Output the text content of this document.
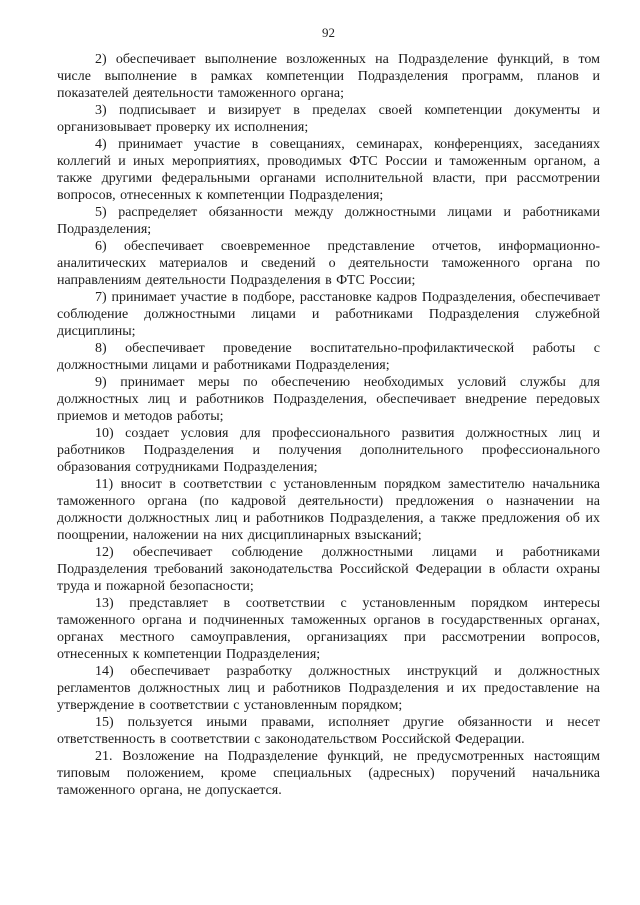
92

2) обеспечивает выполнение возложенных на Подразделение функций, в том числе выполнение в рамках компетенции Подразделения программ, планов и показателей деятельности таможенного органа;

3) подписывает и визирует в пределах своей компетенции документы и организовывает проверку их исполнения;

4) принимает участие в совещаниях, семинарах, конференциях, заседаниях коллегий и иных мероприятиях, проводимых ФТС России и таможенным органом, а также другими федеральными органами исполнительной власти, при рассмотрении вопросов, отнесенных к компетенции Подразделения;

5) распределяет обязанности между должностными лицами и работниками Подразделения;

6) обеспечивает своевременное представление отчетов, информационно-аналитических материалов и сведений о деятельности таможенного органа по направлениям деятельности Подразделения в ФТС России;

7) принимает участие в подборе, расстановке кадров Подразделения, обеспечивает соблюдение должностными лицами и работниками Подразделения служебной дисциплины;

8) обеспечивает проведение воспитательно-профилактической работы с должностными лицами и работниками Подразделения;

9) принимает меры по обеспечению необходимых условий службы для должностных лиц и работников Подразделения, обеспечивает внедрение передовых приемов и методов работы;

10) создает условия для профессионального развития должностных лиц и работников Подразделения и получения дополнительного профессионального образования сотрудниками Подразделения;

11) вносит в соответствии с установленным порядком заместителю начальника таможенного органа (по кадровой деятельности) предложения о назначении на должности должностных лиц и работников Подразделения, а также предложения об их поощрении, наложении на них дисциплинарных взысканий;

12) обеспечивает соблюдение должностными лицами и работниками Подразделения требований законодательства Российской Федерации в области охраны труда и пожарной безопасности;

13) представляет в соответствии с установленным порядком интересы таможенного органа и подчиненных таможенных органов в государственных органах, органах местного самоуправления, организациях при рассмотрении вопросов, отнесенных к компетенции Подразделения;

14) обеспечивает разработку должностных инструкций и должностных регламентов должностных лиц и работников Подразделения и их предоставление на утверждение в соответствии с установленным порядком;

15) пользуется иными правами, исполняет другие обязанности и несет ответственность в соответствии с законодательством Российской Федерации.

21. Возложение на Подразделение функций, не предусмотренных настоящим типовым положением, кроме специальных (адресных) поручений начальника таможенного органа, не допускается.
